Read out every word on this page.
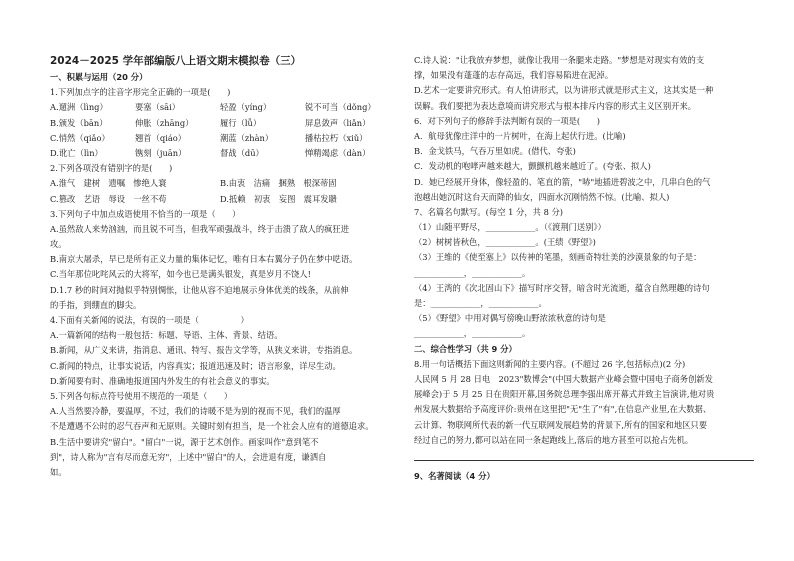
2024－2025 学年部编版八上语文期末模拟卷（三）
一、积累与运用（20 分）
1.下列加点字的注音字形完全正确的一项是(　　)
A.遛洲（lìng）	要塞（sāi）	轻盈（yíng）	锐不可当（dǒng）
B.颁发（bān）	伸胀（zhāng）	履行（lǚ）	屏息敛声（liǎn）
C.悄然（qiǎo）	翘首（qiáo）	潮蓝（zhàn）	播枯拉朽（xiǔ）
D.讹亡（lìn）	镌刻（juān）	督战（dū）	惮精竭虑（dàn）
2.下列各项没有错别字的是(　　)
A.淮气　建树　遗嘱　惨绝人寰	B.由衷　洁痛　捆熟　根深蒂固
C.篡改　艺语　辱设　一丝不苟	D.抵赖　初衷　妄图　震耳发聩
3.下列句子中加点成语使用不恰当的一项是（　　）
A.虽然敌人来势汹汹，而且锐不可当，但我军顽强战斗，终于击溃了敌人的疯狂进
攻。
B.南京大屠杀，早已是所有正义力量的集体记忆，唯有日本右翼分子仍在梦中呓语。
C.当年那位叱咤风云的大将军，如今也已是满头银发，真是岁月不饶人!
D.1.7 秒的时间对抛似乎特别惆怅，让他从容不迫地展示身体优美的线条，从前伸
的手指，到绷直的脚尖。
4.下面有关新闻的说法，有误的一项是（　　　　　）
A.一篇新闻的结构一般包括：标题、导语、主体、背景、结语。
B.新闻，从广义来讲，指消息、通讯、特写、报告文学等，从狭义来讲，专指消息。
C.新闻的特点，让事实说话，内容真实；报道迅速及时；语言形象，详尽生动。
D.新闻要有时、准确地报道国内外发生的有社会意义的事实。
5.下列各句标点符号使用不规范的一项是（　　）
A.人当然要冷静，要温厚，不过，我们的诗暖不是为别的视而不见，我们的温厚
不是遭遇不公时的忍气吞声和无原则。关键时刻有担当，是一个社会人应有的道德追求。
B.生活中要讲究"留白"。"留白"一说，源于艺术创作。画家叫作"意到笔不
到"，诗人称为"言有尽而意无穷"，上述中"留白"的人，会进退有度，谦洒自
如。
C.诗人说："让我放弃梦想，就像让我用一条腿来走路。"梦想是对现实有效的支
撑，如果没有蓬蓬的志存高远，我们容易陷进在泥淖。
D.艺术一定要讲究形式。有人怕讲形式，以为讲形式就是形式主义，这其实是一种
误解。我们要把为表达意境而讲究形式与根本排斥内容的形式主义区别开来。
6．对下列句子的修辞手法判断有误的一项是(　　)
A．航母犹像庄洋中的一片树叶，在海上起伏行进。(比喻)
B．金戈铁马，气吞万里如虎。(借代、夸张)
C．发动机的咆哮声越来越大，颤颤机越来越近了。(夸张、拟人)
D．她已经展开身体，像轻盈的、笔直的箭，"哧"地插进碧波之中，几串白色的气
泡越出她沉时这台天而降的仙女，四面水沉刚悄然不惊。(比喻、拟人)
7、名篇名句默写。(每空 1 分，共 8 分)
（1）山随平野尽，____________。（《渡荆门送别》）
（2）树树皆秋色，____________。(王绩《野望》)
（3）王维的《使至塞上》以传神的笔墨，刻画奇特壮美的沙漠景象的句子是：
____________，____________。
（4）王湾的《次北固山下》描写时序交替，暗含时光流逝，蕴含自然理趣的诗句
是：____________，____________。
（5）《野望》中用对偶写傍晚山野浓浓秋意的诗句是
____________，____________。
二、综合性学习（共 9 分）
8.用一句话概括下面这则新闻的主要内容。(不超过 26 字,包括标点)(2 分)
人民网 5 月 28 日电　2023"数博会"(中国大数据产业峰会暨中国电子商务创新发
展峰会)于 5 月 25 日在贵阳开幕,国务院总理李强出席开幕式并致主旨演讲,他对贵
州发展大数据给予高度评价:贵州在这里把"无"生了"有",在信息产业里,在大数据、
云计算、物联网所代表的新一代互联网发展趋势的背景下,所有的国家和地区只要
经过自己的努力,都可以站在同一条起跑线上,落后的地方甚至可以抢占先机。
9、名著阅读（4 分）
